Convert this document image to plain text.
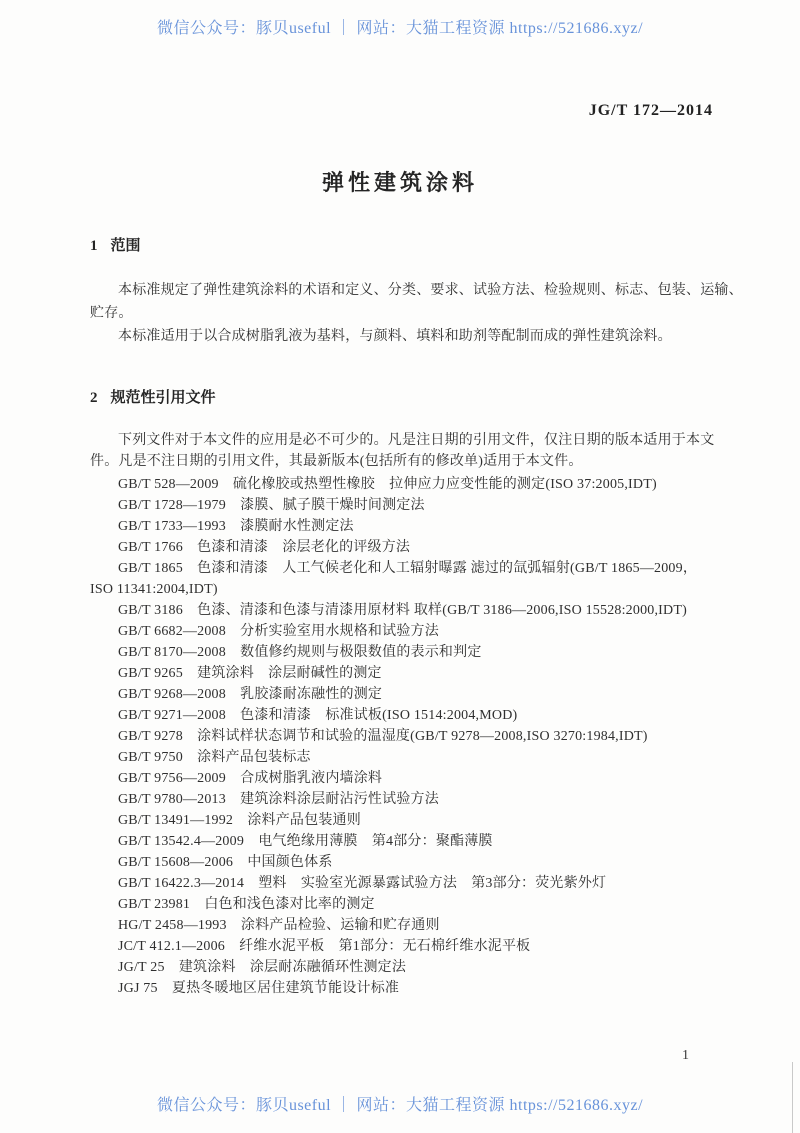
微信公众号：豚贝useful ｜ 网站：大猫工程资源 https://521686.xyz/
JG/T 172—2014
弹性建筑涂料
1 范围
本标准规定了弹性建筑涂料的术语和定义、分类、要求、试验方法、检验规则、标志、包装、运输、
贮存。
本标准适用于以合成树脂乳液为基料，与颜料、填料和助剂等配制而成的弹性建筑涂料。
2 规范性引用文件
下列文件对于本文件的应用是必不可少的。凡是注日期的引用文件，仅注日期的版本适用于本文
件。凡是不注日期的引用文件，其最新版本(包括所有的修改单)适用于本文件。
GB/T 528—2009　硫化橡胶或热塑性橡胶　拉伸应力应变性能的测定(ISO 37:2005,IDT)
GB/T 1728—1979　漆膜、腻子膜干燥时间测定法
GB/T 1733—1993　漆膜耐水性测定法
GB/T 1766　色漆和清漆　涂层老化的评级方法
GB/T 1865　色漆和清漆　人工气候老化和人工辐射曝露 滤过的氙弧辐射(GB/T 1865—2009，
ISO 11341:2004,IDT)
GB/T 3186　色漆、清漆和色漆与清漆用原材料 取样(GB/T 3186—2006,ISO 15528:2000,IDT)
GB/T 6682—2008　分析实验室用水规格和试验方法
GB/T 8170—2008　数值修约规则与极限数值的表示和判定
GB/T 9265　建筑涂料　涂层耐碱性的测定
GB/T 9268—2008　乳胶漆耐冻融性的测定
GB/T 9271—2008　色漆和清漆　标准试板(ISO 1514:2004,MOD)
GB/T 9278　涂料试样状态调节和试验的温湿度(GB/T 9278—2008,ISO 3270:1984,IDT)
GB/T 9750　涂料产品包装标志
GB/T 9756—2009　合成树脂乳液内墙涂料
GB/T 9780—2013　建筑涂料涂层耐沾污性试验方法
GB/T 13491—1992　涂料产品包装通则
GB/T 13542.4—2009　电气绝缘用薄膜　第4部分：聚酯薄膜
GB/T 15608—2006　中国颜色体系
GB/T 16422.3—2014　塑料　实验室光源暴露试验方法　第3部分：荧光紫外灯
GB/T 23981　白色和浅色漆对比率的测定
HG/T 2458—1993　涂料产品检验、运输和贮存通则
JC/T 412.1—2006　纤维水泥平板　第1部分：无石棉纤维水泥平板
JG/T 25　建筑涂料　涂层耐冻融循环性测定法
JGJ 75　夏热冬暖地区居住建筑节能设计标准
1
微信公众号：豚贝useful ｜ 网站：大猫工程资源 https://521686.xyz/
